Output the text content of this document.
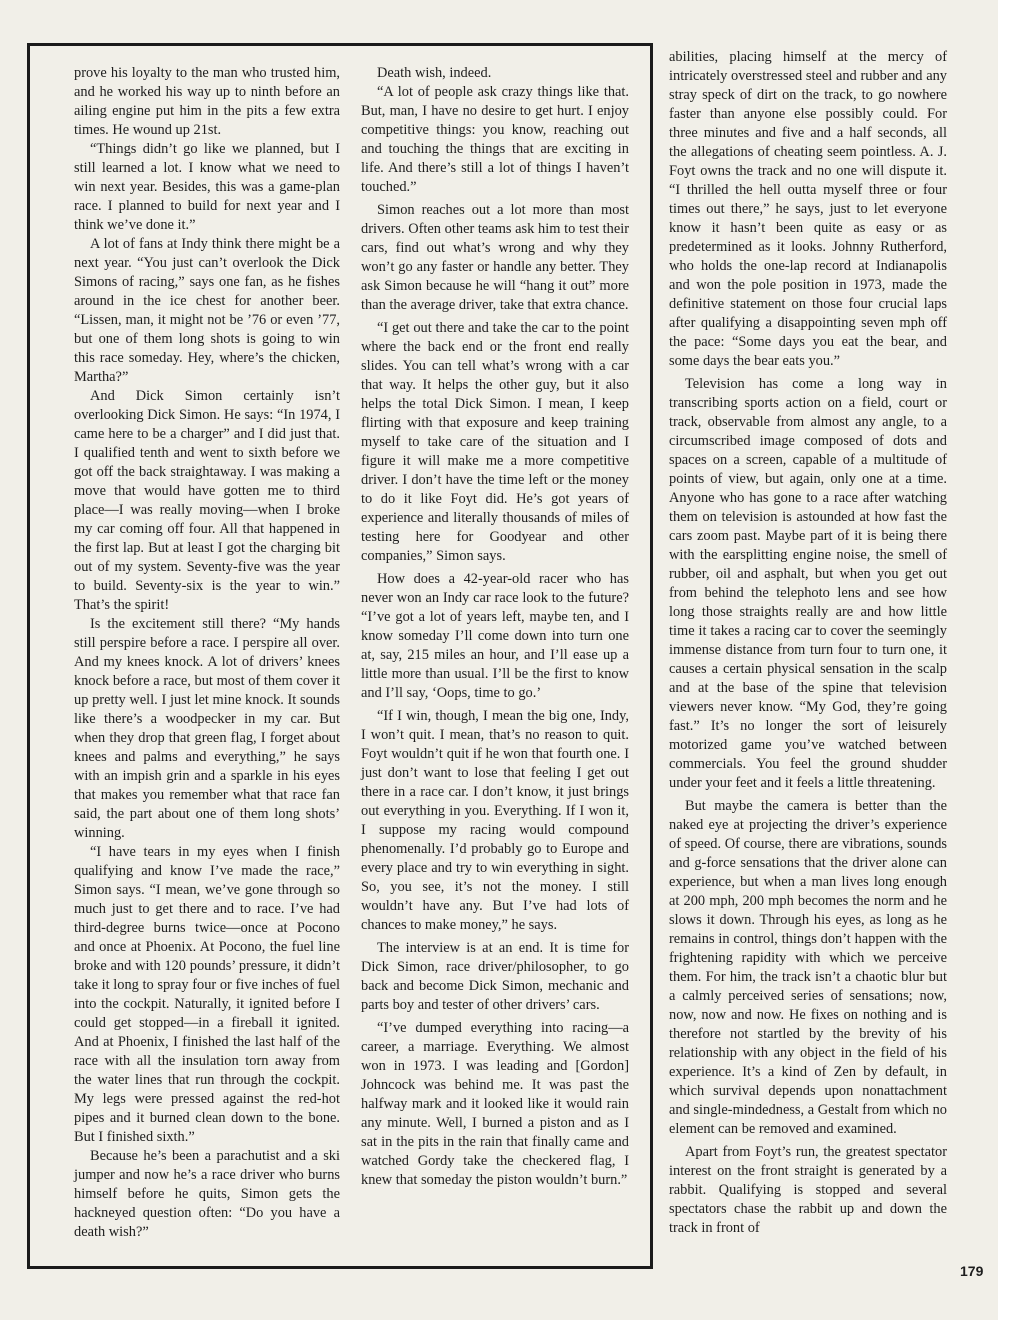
prove his loyalty to the man who trusted him, and he worked his way up to ninth before an ailing engine put him in the pits a few extra times. He wound up 21st.

“Things didn’t go like we planned, but I still learned a lot. I know what we need to win next year. Besides, this was a game-plan race. I planned to build for next year and I think we’ve done it.”

A lot of fans at Indy think there might be a next year. “You just can’t overlook the Dick Simons of racing,” says one fan, as he fishes around in the ice chest for another beer. “Lissen, man, it might not be ’76 or even ’77, but one of them long shots is going to win this race someday. Hey, where’s the chicken, Martha?”

And Dick Simon certainly isn’t overlooking Dick Simon. He says: “In 1974, I came here to be a charger” and I did just that. I qualified tenth and went to sixth before we got off the back straightaway. I was making a move that would have gotten me to third place—I was really moving—when I broke my car coming off four. All that happened in the first lap. But at least I got the charging bit out of my system. Seventy-five was the year to build. Seventy-six is the year to win.” That’s the spirit!

Is the excitement still there? “My hands still perspire before a race. I perspire all over. And my knees knock. A lot of drivers’ knees knock before a race, but most of them cover it up pretty well. I just let mine knock. It sounds like there’s a woodpecker in my car. But when they drop that green flag, I forget about knees and palms and everything,” he says with an impish grin and a sparkle in his eyes that makes you remember what that race fan said, the part about one of them long shots’ winning.

“I have tears in my eyes when I finish qualifying and know I’ve made the race,” Simon says. “I mean, we’ve gone through so much just to get there and to race. I’ve had third-degree burns twice—once at Pocono and once at Phoenix. At Pocono, the fuel line broke and with 120 pounds’ pressure, it didn’t take it long to spray four or five inches of fuel into the cockpit. Naturally, it ignited before I could get stopped—in a fireball it ignited. And at Phoenix, I finished the last half of the race with all the insulation torn away from the water lines that run through the cockpit. My legs were pressed against the red-hot pipes and it burned clean down to the bone. But I finished sixth.”

Because he’s been a parachutist and a ski jumper and now he’s a race driver who burns himself before he quits, Simon gets the hackneyed question often: “Do you have a death wish?”

Death wish, indeed.

“A lot of people ask crazy things like that. But, man, I have no desire to get hurt. I enjoy competitive things: you know, reaching out and touching the things that are exciting in life. And there’s still a lot of things I haven’t touched.”

Simon reaches out a lot more than most drivers. Often other teams ask him to test their cars, find out what’s wrong and why they won’t go any faster or handle any better. They ask Simon because he will “hang it out” more than the average driver, take that extra chance.

“I get out there and take the car to the point where the back end or the front end really slides. You can tell what’s wrong with a car that way. It helps the other guy, but it also helps the total Dick Simon. I mean, I keep flirting with that exposure and keep training myself to take care of the situation and I figure it will make me a more competitive driver. I don’t have the time left or the money to do it like Foyt did. He’s got years of experience and literally thousands of miles of testing here for Goodyear and other companies,” Simon says.

How does a 42-year-old racer who has never won an Indy car race look to the future? “I’ve got a lot of years left, maybe ten, and I know someday I’ll come down into turn one at, say, 215 miles an hour, and I’ll ease up a little more than usual. I’ll be the first to know and I’ll say, ‘Oops, time to go.’

“If I win, though, I mean the big one, Indy, I won’t quit. I mean, that’s no reason to quit. Foyt wouldn’t quit if he won that fourth one. I just don’t want to lose that feeling I get out there in a race car. I don’t know, it just brings out everything in you. Everything. If I won it, I suppose my racing would compound phenomenally. I’d probably go to Europe and every place and try to win everything in sight. So, you see, it’s not the money. I still wouldn’t have any. But I’ve had lots of chances to make money,” he says.

The interview is at an end. It is time for Dick Simon, race driver/philosopher, to go back and become Dick Simon, mechanic and parts boy and tester of other drivers’ cars.

“I’ve dumped everything into racing—a career, a marriage. Everything. We almost won in 1973. I was leading and [Gordon] Johncock was behind me. It was past the halfway mark and it looked like it would rain any minute. Well, I burned a piston and as I sat in the pits in the rain that finally came and watched Gordy take the checkered flag, I knew that someday the piston wouldn’t burn.”

abilities, placing himself at the mercy of intricately overstressed steel and rubber and any stray speck of dirt on the track, to go nowhere faster than anyone else possibly could. For three minutes and five and a half seconds, all the allegations of cheating seem pointless. A. J. Foyt owns the track and no one will dispute it. “I thrilled the hell outta myself three or four times out there,” he says, just to let everyone know it hasn’t been quite as easy or as predetermined as it looks. Johnny Rutherford, who holds the one-lap record at Indianapolis and won the pole position in 1973, made the definitive statement on those four crucial laps after qualifying a disappointing seven mph off the pace: “Some days you eat the bear, and some days the bear eats you.”

Television has come a long way in transcribing sports action on a field, court or track, observable from almost any angle, to a circumscribed image composed of dots and spaces on a screen, capable of a multitude of points of view, but again, only one at a time. Anyone who has gone to a race after watching them on television is astounded at how fast the cars zoom past. Maybe part of it is being there with the earsplitting engine noise, the smell of rubber, oil and asphalt, but when you get out from behind the telephoto lens and see how long those straights really are and how little time it takes a racing car to cover the seemingly immense distance from turn four to turn one, it causes a certain physical sensation in the scalp and at the base of the spine that television viewers never know. “My God, they’re going fast.” It’s no longer the sort of leisurely motorized game you’ve watched between commercials. You feel the ground shudder under your feet and it feels a little threatening.

But maybe the camera is better than the naked eye at projecting the driver’s experience of speed. Of course, there are vibrations, sounds and g-force sensations that the driver alone can experience, but when a man lives long enough at 200 mph, 200 mph becomes the norm and he slows it down. Through his eyes, as long as he remains in control, things don’t happen with the frightening rapidity with which we perceive them. For him, the track isn’t a chaotic blur but a calmly perceived series of sensations; now, now, now and now. He fixes on nothing and is therefore not startled by the brevity of his relationship with any object in the field of his experience. It’s a kind of Zen by default, in which survival depends upon nonattachment and single-mindedness, a Gestalt from which no element can be removed and examined.

Apart from Foyt’s run, the greatest spectator interest on the front straight is generated by a rabbit. Qualifying is stopped and several spectators chase the rabbit up and down the track in front of

179
